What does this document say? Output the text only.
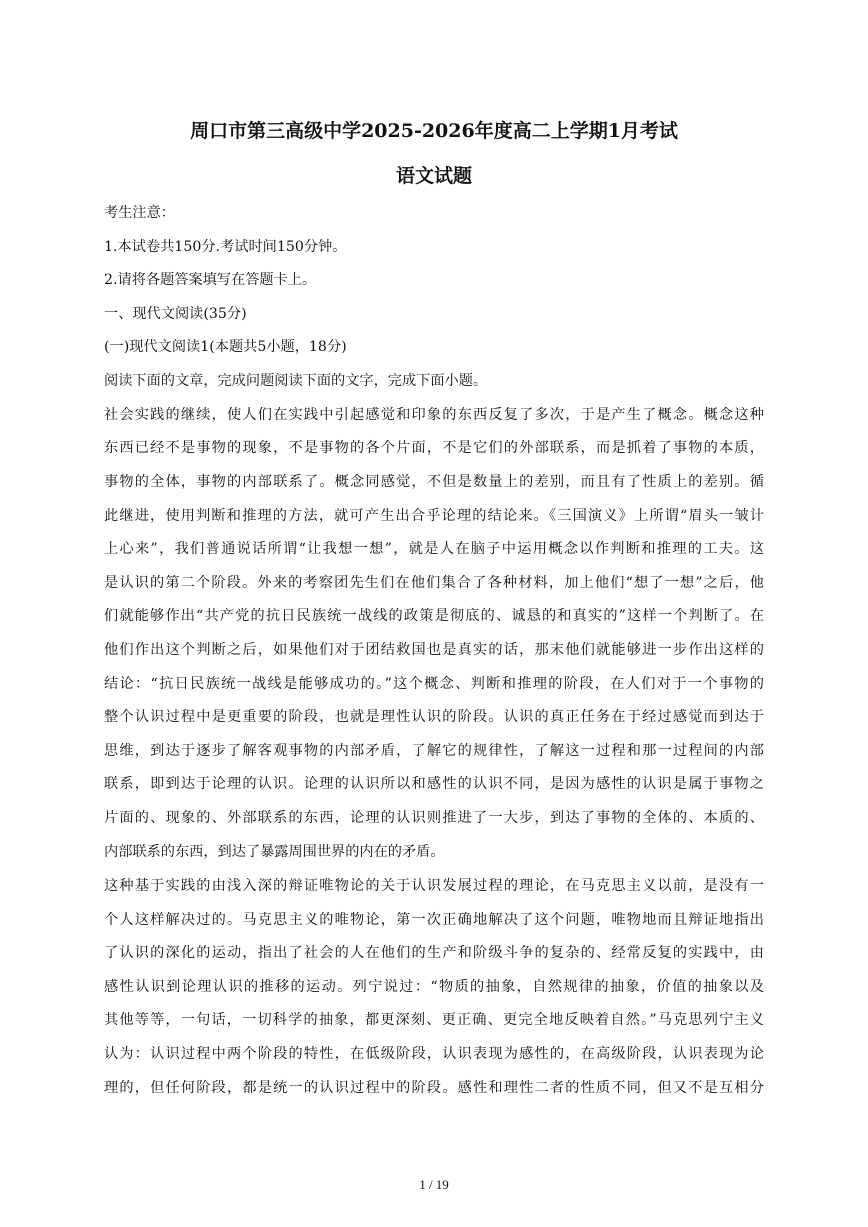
周口市第三高级中学2025-2026年度高二上学期1月考试
语文试题
考生注意：
1.本试卷共150分.考试时间150分钟。
2.请将各题答案填写在答题卡上。
一、现代文阅读(35分)
(一)现代文阅读1(本题共5小题，18分)
阅读下面的文章，完成问题阅读下面的文字，完成下面小题。
社会实践的继续，使人们在实践中引起感觉和印象的东西反复了多次，于是产生了概念。概念这种
东西已经不是事物的现象，不是事物的各个片面，不是它们的外部联系，而是抓着了事物的本质，
事物的全体，事物的内部联系了。概念同感觉，不但是数量上的差别，而且有了性质上的差别。循
此继进，使用判断和推理的方法，就可产生出合乎论理的结论来。《三国演义》上所谓“眉头一皱计
上心来”，我们普通说话所谓“让我想一想”，就是人在脑子中运用概念以作判断和推理的工夫。这
是认识的第二个阶段。外来的考察团先生们在他们集合了各种材料，加上他们“想了一想”之后，他
们就能够作出“共产党的抗日民族统一战线的政策是彻底的、诚恳的和真实的”这样一个判断了。在
他们作出这个判断之后，如果他们对于团结救国也是真实的话，那末他们就能够进一步作出这样的
结论：“抗日民族统一战线是能够成功的。”这个概念、判断和推理的阶段，在人们对于一个事物的
整个认识过程中是更重要的阶段，也就是理性认识的阶段。认识的真正任务在于经过感觉而到达于
思维，到达于逐步了解客观事物的内部矛盾，了解它的规律性，了解这一过程和那一过程间的内部
联系，即到达于论理的认识。论理的认识所以和感性的认识不同，是因为感性的认识是属于事物之
片面的、现象的、外部联系的东西，论理的认识则推进了一大步，到达了事物的全体的、本质的、
内部联系的东西，到达了暴露周围世界的内在的矛盾。
这种基于实践的由浅入深的辩证唯物论的关于认识发展过程的理论，在马克思主义以前，是没有一
个人这样解决过的。马克思主义的唯物论，第一次正确地解决了这个问题，唯物地而且辩证地指出
了认识的深化的运动，指出了社会的人在他们的生产和阶级斗争的复杂的、经常反复的实践中，由
感性认识到论理认识的推移的运动。列宁说过：“物质的抽象，自然规律的抽象，价值的抽象以及
其他等等，一句话，一切科学的抽象，都更深刻、更正确、更完全地反映着自然。”马克思列宁主义
认为：认识过程中两个阶段的特性，在低级阶段，认识表现为感性的，在高级阶段，认识表现为论
理的，但任何阶段，都是统一的认识过程中的阶段。感性和理性二者的性质不同，但又不是互相分
1 / 19
